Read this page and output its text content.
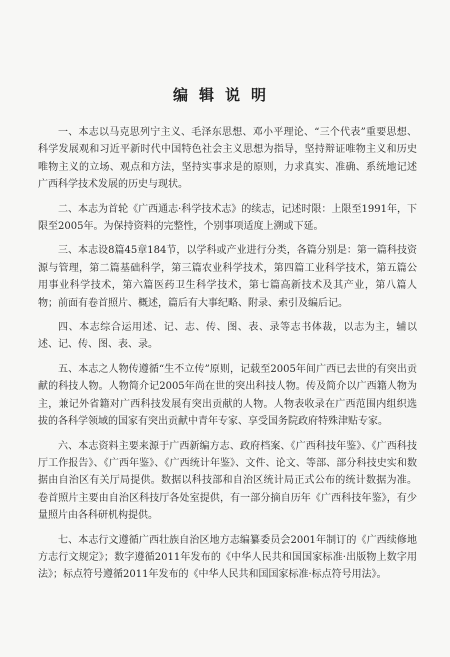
编辑说明

一、本志以马克思列宁主义、毛泽东思想、邓小平理论、“三个代表”重要思想、科学发展观和习近平新时代中国特色社会主义思想为指导，坚持辩证唯物主义和历史唯物主义的立场、观点和方法，坚持实事求是的原则，力求真实、准确、系统地记述广西科学技术发展的历史与现状。

二、本志为首轮《广西通志·科学技术志》的续志，记述时限：上限至1991年，下限至2005年。为保持资料的完整性，个别事项适度上溯或下延。

三、本志设8篇45章184节，以学科或产业进行分类，各篇分别是：第一篇科技资源与管理，第二篇基础科学，第三篇农业科学技术，第四篇工业科学技术，第五篇公用事业科学技术，第六篇医药卫生科学技术，第七篇高新技术及其产业，第八篇人物；前面有卷首照片、概述，篇后有大事纪略、附录、索引及编后记。

四、本志综合运用述、记、志、传、图、表、录等志书体裁，以志为主，辅以述、记、传、图、表、录。

五、本志之人物传遵循“生不立传”原则，记载至2005年间广西已去世的有突出贡献的科技人物。人物简介记2005年尚在世的突出科技人物。传及简介以广西籍人物为主，兼记外省籍对广西科技发展有突出贡献的人物。人物表收录在广西范围内组织选拔的各科学领域的国家有突出贡献中青年专家、享受国务院政府特殊津贴专家。

六、本志资料主要来源于广西新编方志、政府档案、《广西科技年鉴》、《广西科技厅工作报告》、《广西年鉴》、《广西统计年鉴》、文件、论文、等部、部分科技史实和数据由自治区有关厅局提供。数据以科技部和自治区统计局正式公布的统计数据为准。卷首照片主要由自治区科技厅各处室提供，有一部分摘自历年《广西科技年鉴》，有少量照片由各科研机构提供。

七、本志行文遵循广西壮族自治区地方志编纂委员会2001年制订的《广西续修地方志行文规定》；数字遵循2011年发布的《中华人民共和国国家标准·出版物上数字用法》；标点符号遵循2011年发布的《中华人民共和国国家标准·标点符号用法》。
